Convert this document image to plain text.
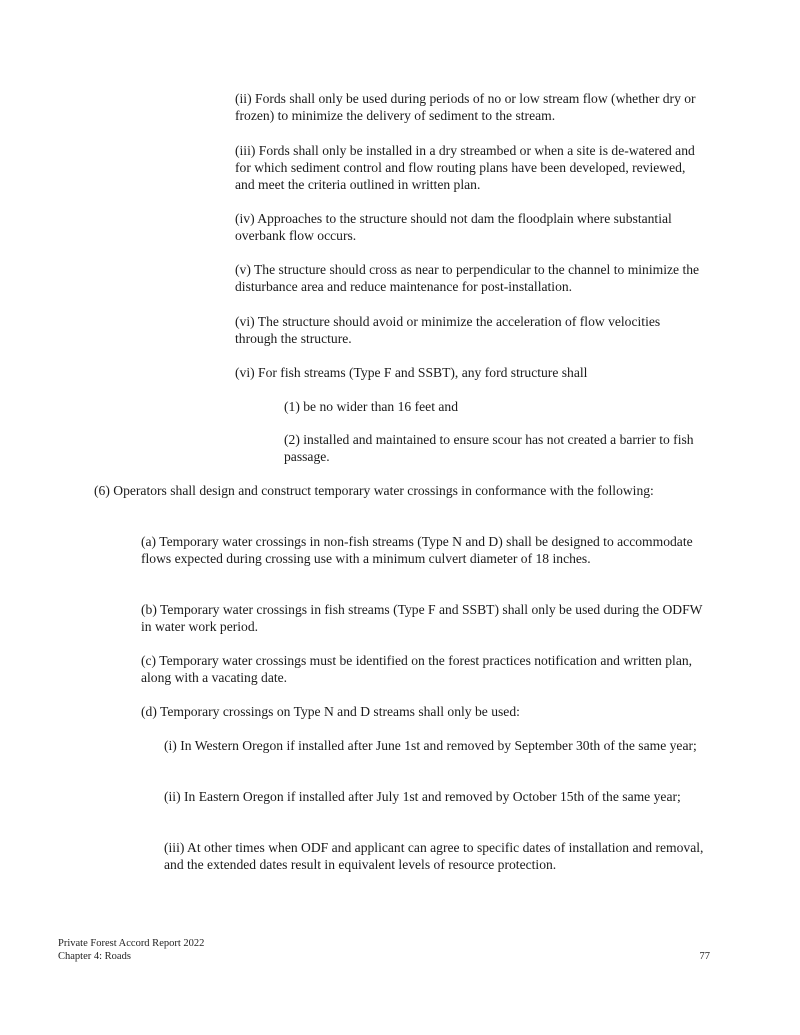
(ii) Fords shall only be used during periods of no or low stream flow (whether dry or frozen) to minimize the delivery of sediment to the stream.

(iii) Fords shall only be installed in a dry streambed or when a site is de-watered and for which sediment control and flow routing plans have been developed, reviewed, and meet the criteria outlined in written plan.

(iv) Approaches to the structure should not dam the floodplain where substantial overbank flow occurs.

(v) The structure should cross as near to perpendicular to the channel to minimize the disturbance area and reduce maintenance for post-installation.

(vi) The structure should avoid or minimize the acceleration of flow velocities through the structure.

(vi) For fish streams (Type F and SSBT), any ford structure shall

(1) be no wider than 16 feet and

(2) installed and maintained to ensure scour has not created a barrier to fish passage.

(6) Operators shall design and construct temporary water crossings in conformance with the following:

(a) Temporary water crossings in non-fish streams (Type N and D) shall be designed to accommodate flows expected during crossing use with a minimum culvert diameter of 18 inches.

(b) Temporary water crossings in fish streams (Type F and SSBT) shall only be used during the ODFW in water work period.

(c) Temporary water crossings must be identified on the forest practices notification and written plan, along with a vacating date.

(d) Temporary crossings on Type N and D streams shall only be used:

(i) In Western Oregon if installed after June 1st and removed by September 30th of the same year;

(ii) In Eastern Oregon if installed after July 1st and removed by October 15th of the same year;

(iii) At other times when ODF and applicant can agree to specific dates of installation and removal, and the extended dates result in equivalent levels of resource protection.

Private Forest Accord Report 2022
Chapter 4: Roads	77
